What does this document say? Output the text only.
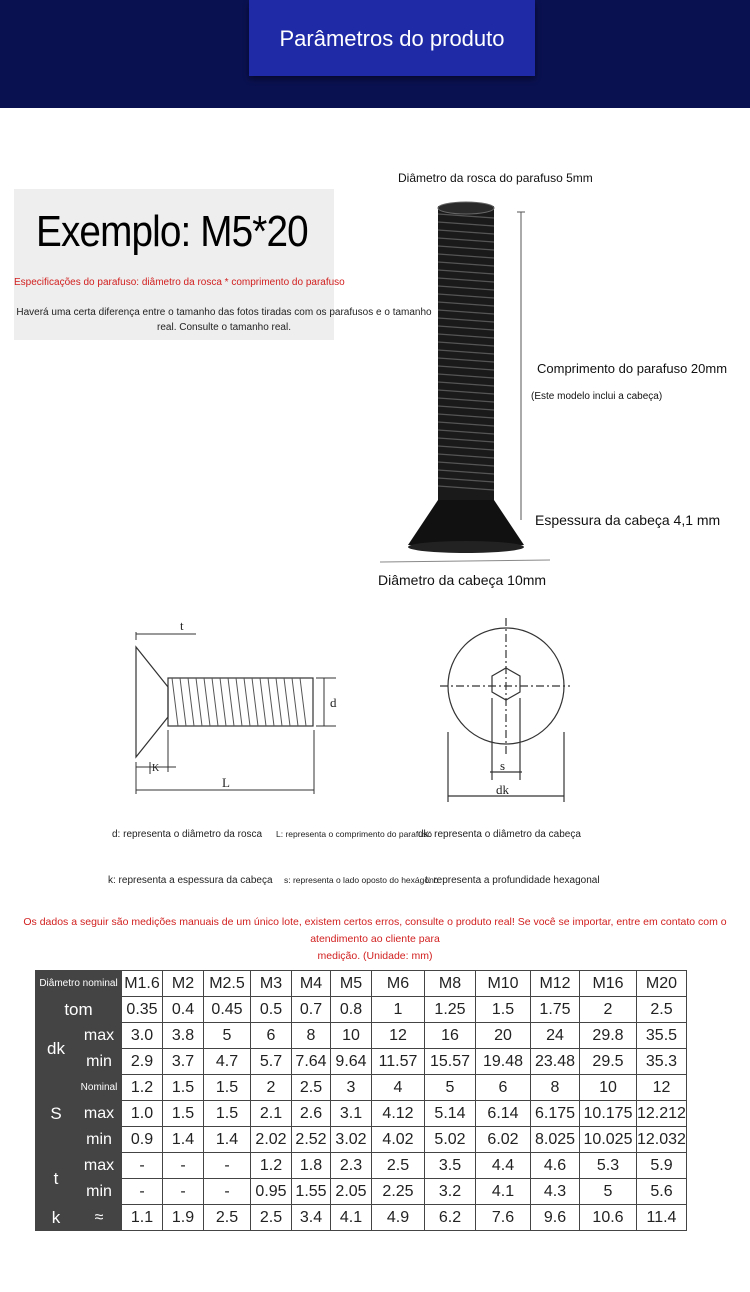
Parâmetros do produto
Exemplo: M5*20
Especificações do parafuso: diâmetro da rosca * comprimento do parafuso
Haverá uma certa diferença entre o tamanho das fotos tiradas com os parafusos e o tamanho
real. Consulte o tamanho real.
Diâmetro da rosca do parafuso 5mm
Comprimento do parafuso 20mm
(Este modelo inclui a cabeça)
Espessura da cabeça 4,1 mm
Diâmetro da cabeça 10mm
t
d
K
L
s
dk
d: representa o diâmetro da rosca L: representa o comprimento do parafuso
dk: representa o diâmetro da cabeça
k: representa a espessura da cabeça s: representa o lado oposto do hexágono
t: representa a profundidade hexagonal
Os dados a seguir são medições manuais de um único lote, existem certos erros, consulte o produto real! Se você se importar, entre em contato com o atendimento ao cliente para
medição. (Unidade: mm)
Diâmetro nominal		M1.6	M2	M2.5	M3	M4	M5	M6	M8	M10	M12	M16	M20
tom		0.35	0.4	0.45	0.5	0.7	0.8	1	1.25	1.5	1.75	2	2.5
dk	max	3.0	3.8	5	6	8	10	12	16	20	24	29.8	35.5
	min	2.9	3.7	4.7	5.7	7.64	9.64	11.57	15.57	19.48	23.48	29.5	35.3
S	Nominal	1.2	1.5	1.5	2	2.5	3	4	5	6	8	10	12
	max	1.0	1.5	1.5	2.1	2.6	3.1	4.12	5.14	6.14	6.175	10.175	12.212
	min	0.9	1.4	1.4	2.02	2.52	3.02	4.02	5.02	6.02	8.025	10.025	12.032
t	max	-	-	-	1.2	1.8	2.3	2.5	3.5	4.4	4.6	5.3	5.9
	min	-	-	-	0.95	1.55	2.05	2.25	3.2	4.1	4.3	5	5.6
k	≈	1.1	1.9	2.5	2.5	3.4	4.1	4.9	6.2	7.6	9.6	10.6	11.4
